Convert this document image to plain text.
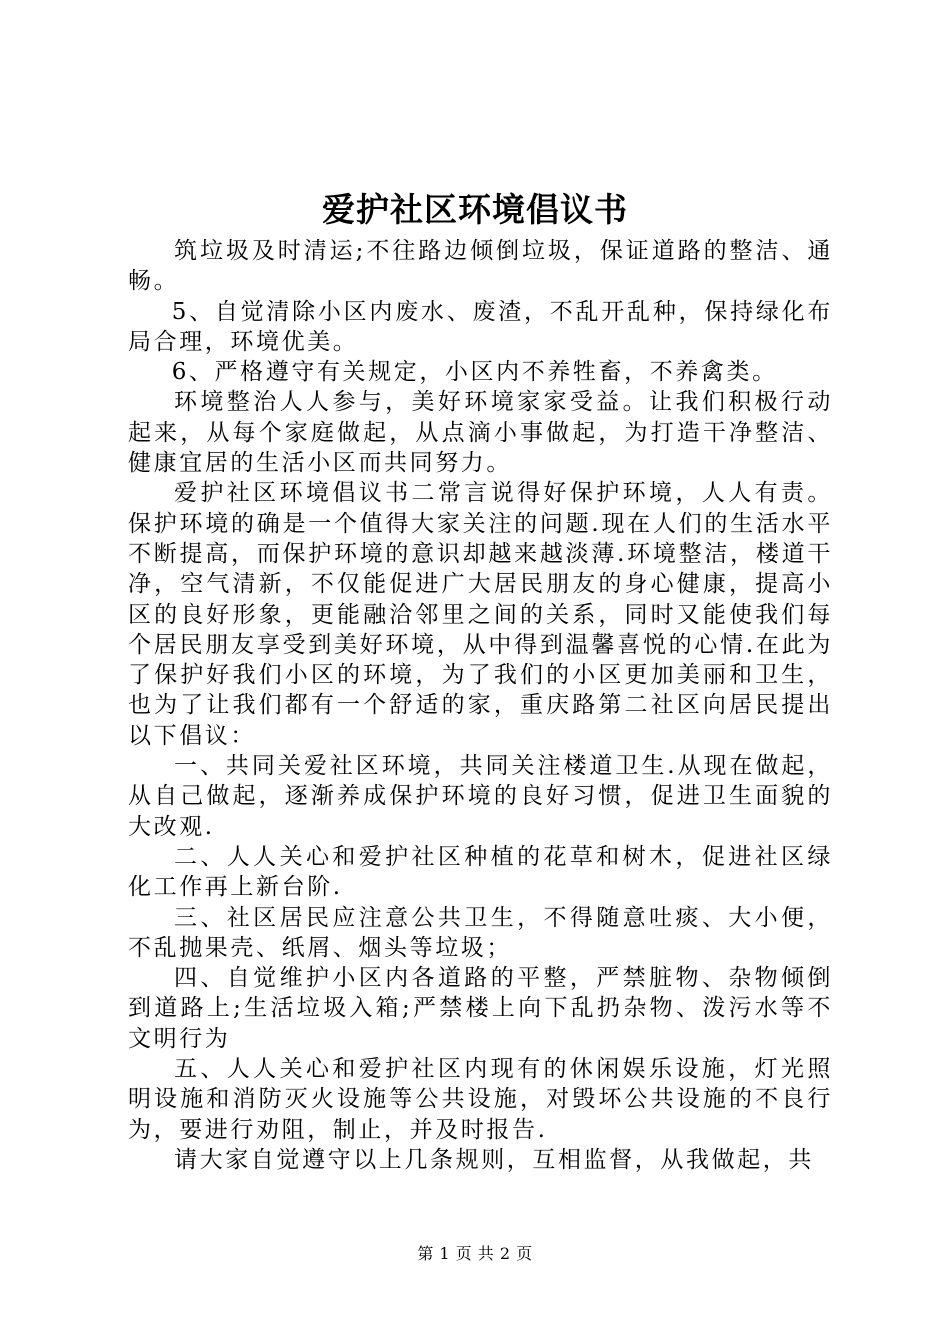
爱护社区环境倡议书

筑垃圾及时清运;不往路边倾倒垃圾，保证道路的整洁、通畅。

5、自觉清除小区内废水、废渣，不乱开乱种，保持绿化布局合理，环境优美。

6、严格遵守有关规定，小区内不养牲畜，不养禽类。

环境整治人人参与，美好环境家家受益。让我们积极行动起来，从每个家庭做起，从点滴小事做起，为打造干净整洁、健康宜居的生活小区而共同努力。

爱护社区环境倡议书二常言说得好保护环境，人人有责。保护环境的确是一个值得大家关注的问题.现在人们的生活水平不断提高，而保护环境的意识却越来越淡薄.环境整洁，楼道干净，空气清新，不仅能促进广大居民朋友的身心健康，提高小区的良好形象，更能融洽邻里之间的关系，同时又能使我们每个居民朋友享受到美好环境，从中得到温馨喜悦的心情.在此为了保护好我们小区的环境，为了我们的小区更加美丽和卫生，也为了让我们都有一个舒适的家，重庆路第二社区向居民提出以下倡议：

一、共同关爱社区环境，共同关注楼道卫生.从现在做起，从自己做起，逐渐养成保护环境的良好习惯，促进卫生面貌的大改观.

二、人人关心和爱护社区种植的花草和树木，促进社区绿化工作再上新台阶.

三、社区居民应注意公共卫生，不得随意吐痰、大小便，不乱抛果壳、纸屑、烟头等垃圾；

四、自觉维护小区内各道路的平整，严禁脏物、杂物倾倒到道路上;生活垃圾入箱;严禁楼上向下乱扔杂物、泼污水等不文明行为

五、人人关心和爱护社区内现有的休闲娱乐设施，灯光照明设施和消防灭火设施等公共设施，对毁坏公共设施的不良行为，要进行劝阻，制止，并及时报告.

请大家自觉遵守以上几条规则，互相监督，从我做起，共

第 1 页 共 2 页
